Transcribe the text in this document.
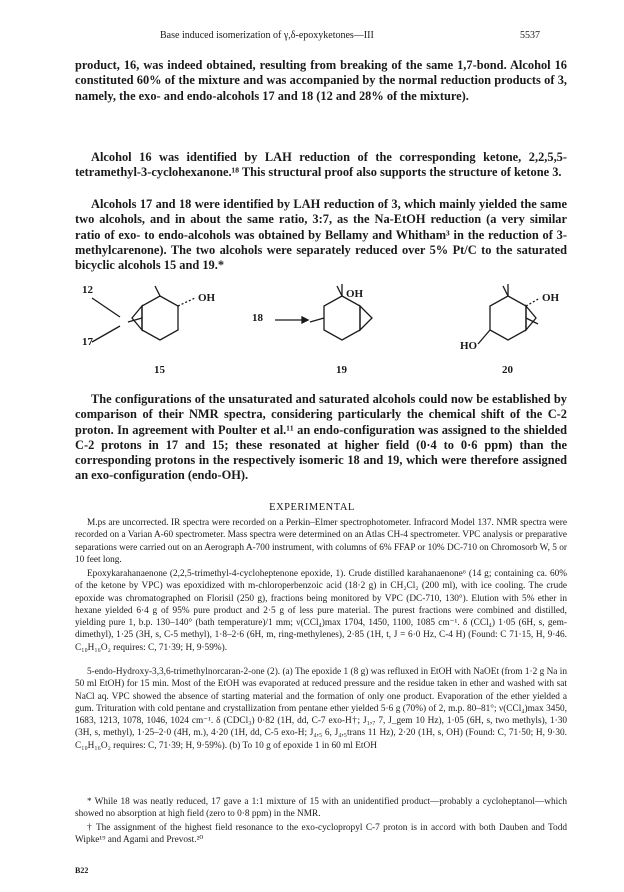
Base induced isomerization of γ,δ-epoxyketones—III	5537

product, 16, was indeed obtained, resulting from breaking of the same 1,7-bond. Alcohol 16 constituted 60% of the mixture and was accompanied by the normal reduction products of 3, namely, the exo- and endo-alcohols 17 and 18 (12 and 28% of the mixture).

Alcohol 16 was identified by LAH reduction of the corresponding ketone, 2,2,5,5-tetramethyl-3-cyclohexanone.¹⁸ This structural proof also supports the structure of ketone 3.

Alcohols 17 and 18 were identified by LAH reduction of 3, which mainly yielded the same two alcohols, and in about the same ratio, 3:7, as the Na-EtOH reduction (a very similar ratio of exo- to endo-alcohols was obtained by Bellamy and Whitham³ in the reduction of 3-methylcarenone). The two alcohols were separately reduced over 5% Pt/C to the saturated bicyclic alcohols 15 and 19.*

12
17
OH
18
OH	OH
HO
15	19	20

The configurations of the unsaturated and saturated alcohols could now be established by comparison of their NMR spectra, considering particularly the chemical shift of the C-2 proton. In agreement with Poulter et al.¹¹ an endo-configuration was assigned to the shielded C-2 protons in 17 and 15; these resonated at higher field (0·4 to 0·6 ppm) than the corresponding protons in the respectively isomeric 18 and 19, which were therefore assigned an exo-configuration (endo-OH).

EXPERIMENTAL

M.ps are uncorrected. IR spectra were recorded on a Perkin–Elmer spectrophotometer. Infracord Model 137. NMR spectra were recorded on a Varian A-60 spectrometer. Mass spectra were determined on an Atlas CH-4 spectrometer. VPC analysis or preparative separations were carried out on an Aerograph A-700 instrument, with columns of 6% FFAP or 10% DC-710 on Chromosorb W, 5 or 10 feet long.

Epoxykarahanaenone (2,2,5-trimethyl-4-cycloheptenone epoxide, 1). Crude distilled karahanaenone⁶ (14 g; containing ca. 60% of the ketone by VPC) was epoxidized with m-chloroperbenzoic acid (18·2 g) in CH₂Cl₂ (200 ml), with ice cooling. The crude epoxide was chromatographed on Florisil (250 g), fractions being monitored by VPC (DC-710, 130°). Elution with 5% ether in hexane yielded 6·4 g of 95% pure product and 2·5 g of less pure material. The purest fractions were combined and distilled, yielding pure 1, b.p. 130–140° (bath temperature)/1 mm; ν(CCl₄)max 1704, 1450, 1100, 1085 cm⁻¹. δ (CCl₄) 1·05 (6H, s, gem-dimethyl), 1·25 (3H, s, C-5 methyl), 1·8–2·6 (6H, m, ring-methylenes), 2·85 (1H, t, J = 6·0 Hz, C-4 H) (Found: C 71·15, H, 9·46. C₁₀H₁₆O₂ requires: C, 71·39; H, 9·59%).

5-endo-Hydroxy-3,3,6-trimethylnorcaran-2-one (2). (a) The epoxide 1 (8 g) was refluxed in EtOH with NaOEt (from 1·2 g Na in 50 ml EtOH) for 15 min. Most of the EtOH was evaporated at reduced pressure and the residue taken in ether and washed with sat NaCl aq. VPC showed the absence of starting material and the formation of only one product. Evaporation of the ether yielded a gum. Trituration with cold pentane and crystallization from pentane ether yielded 5·6 g (70%) of 2, m.p. 80–81°; ν(CCl₄)max 3450, 1683, 1213, 1078, 1046, 1024 cm⁻¹. δ (CDCl₃) 0·82 (1H, dd, C-7 exo-H†; J₁,₇ 7, J_gem 10 Hz), 1·05 (6H, s, two methyls), 1·30 (3H, s, methyl), 1·25–2·0 (4H, m.), 4·20 (1H, dd, C-5 exo-H; J₄,₅ 6, J₄,₅trans 11 Hz), 2·20 (1H, s, OH) (Found: C, 71·50; H, 9·30. C₁₀H₁₆O₂ requires: C, 71·39; H, 9·59%). (b) To 10 g of epoxide 1 in 60 ml EtOH

* While 18 was neatly reduced, 17 gave a 1:1 mixture of 15 with an unidentified product—probably a cycloheptanol—which showed no absorption at high field (zero to 0·8 ppm) in the NMR.

† The assignment of the highest field resonance to the exo-cyclopropyl C-7 proton is in accord with both Dauben and Todd Wipke¹⁹ and Agami and Prevost.²⁰

B22
